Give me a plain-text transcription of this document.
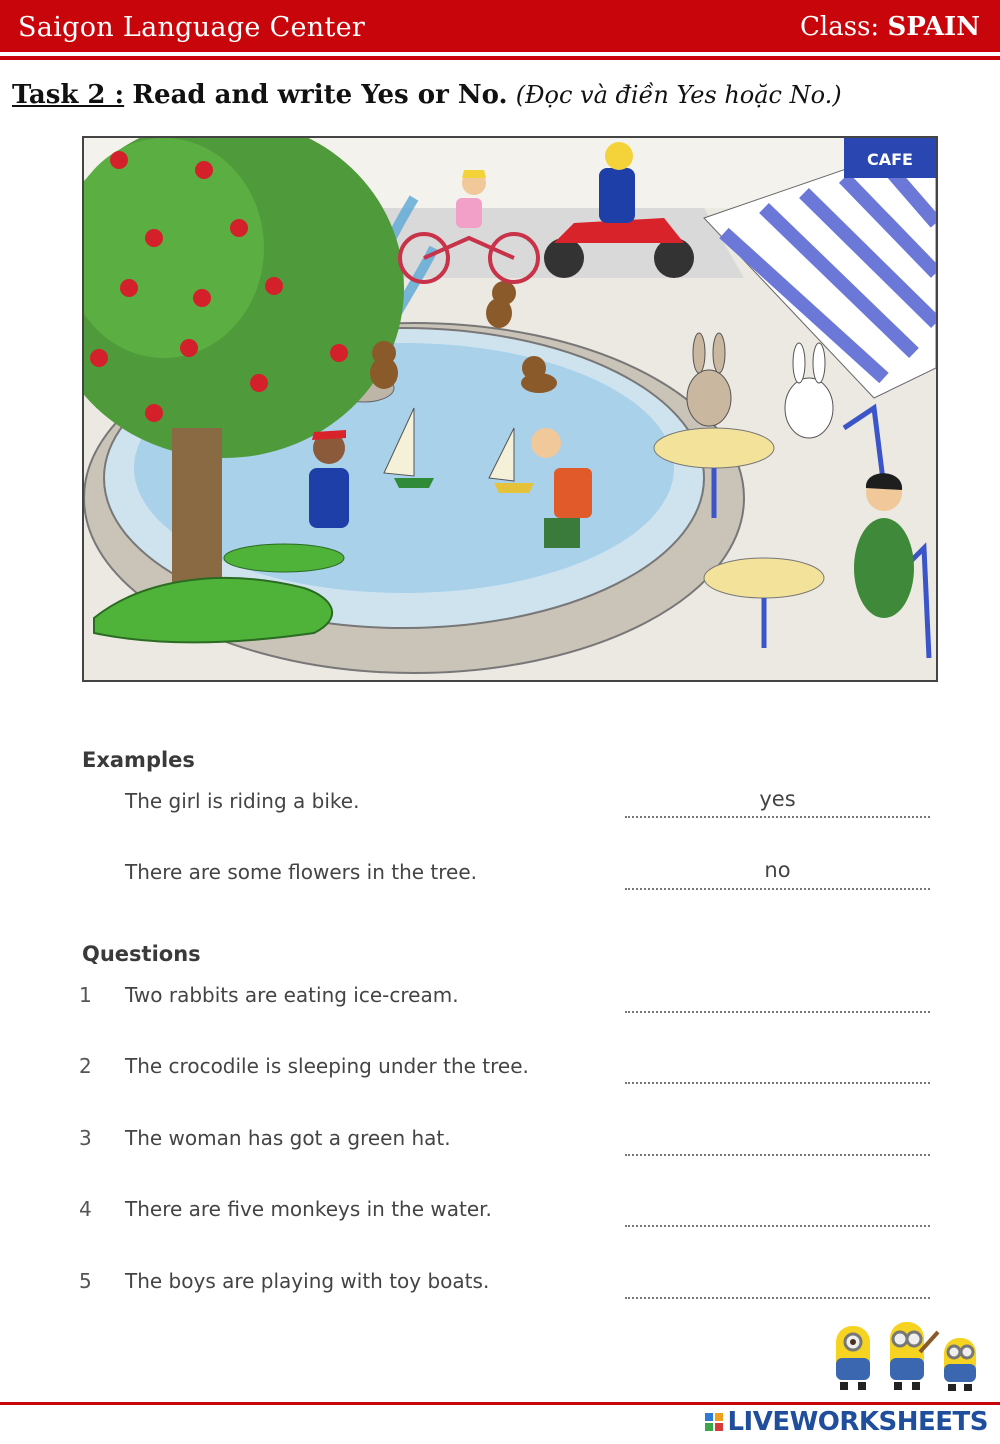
Saigon Language Center	Class: SPAIN
Task 2 : Read and write Yes or No. (Đọc và điền Yes hoặc No.)
CAFE
Examples
The girl is riding a bike.	yes
There are some flowers in the tree.	no
Questions
1 Two rabbits are eating ice-cream.
2 The crocodile is sleeping under the tree.
3 The woman has got a green hat.
4 There are five monkeys in the water.
5 The boys are playing with toy boats.
LIVEWORKSHEETS
